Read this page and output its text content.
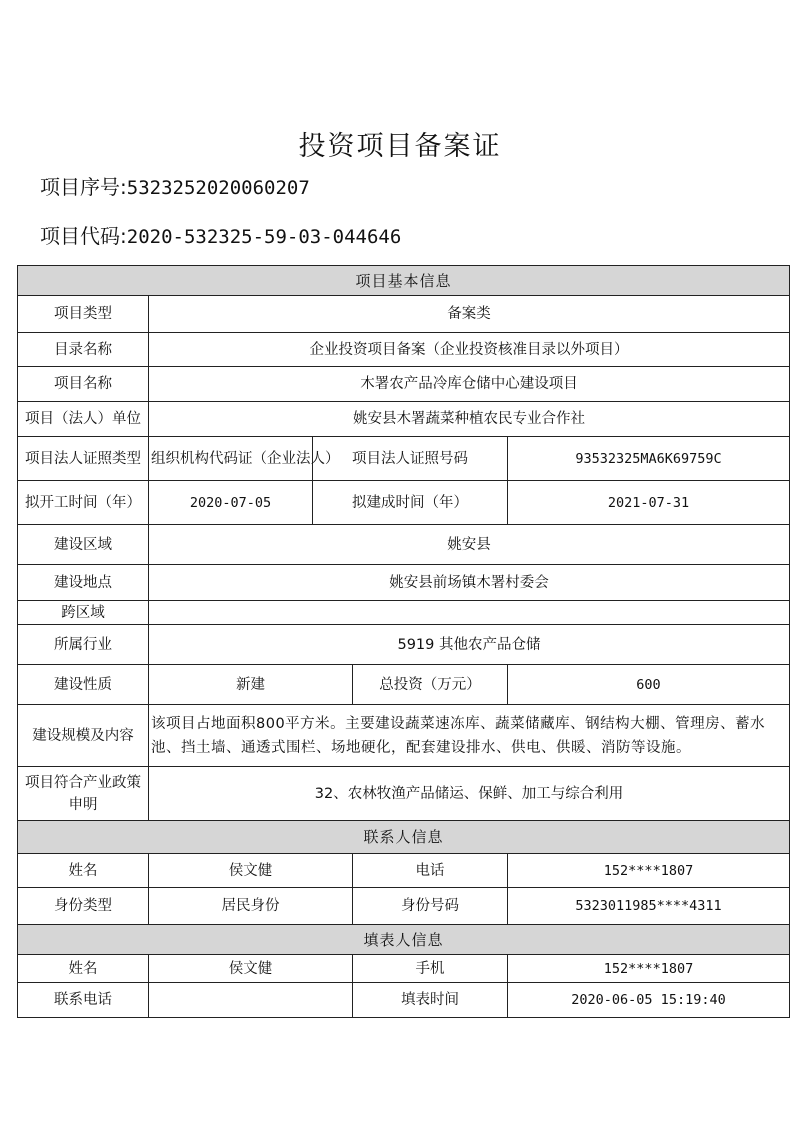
投资项目备案证
项目序号:5323252020060207
项目代码:2020-532325-59-03-044646
项目基本信息				
项目类型	备案类			
目录名称	企业投资项目备案（企业投资核准目录以外项目）			
项目名称	木署农产品冷库仓储中心建设项目			
项目（法人）单位	姚安县木署蔬菜种植农民专业合作社			
项目法人证照类型	组织机构代码证（企业法人）	项目法人证照号码		93532325MA6K69759C
拟开工时间（年）	2020-07-05	拟建成时间（年）		2021-07-31
建设区域	姚安县			
建设地点	姚安县前场镇木署村委会			
跨区域				
所属行业	5919 其他农产品仓储			
建设性质	新建		总投资（万元）	600
建设规模及内容	该项目占地面积800平方米。主要建设蔬菜速冻库、蔬菜储藏库、钢结构大棚、管理房、蓄水池、挡土墙、通透式围栏、场地硬化，配套建设排水、供电、供暖、消防等设施。			
项目符合产业政策申明	32、农林牧渔产品储运、保鲜、加工与综合利用			
联系人信息				
姓名	侯文健		电话	152****1807
身份类型	居民身份		身份号码	5323011985****4311
填表人信息				
姓名	侯文健		手机	152****1807
联系电话			填表时间	2020-06-05 15:19:40
